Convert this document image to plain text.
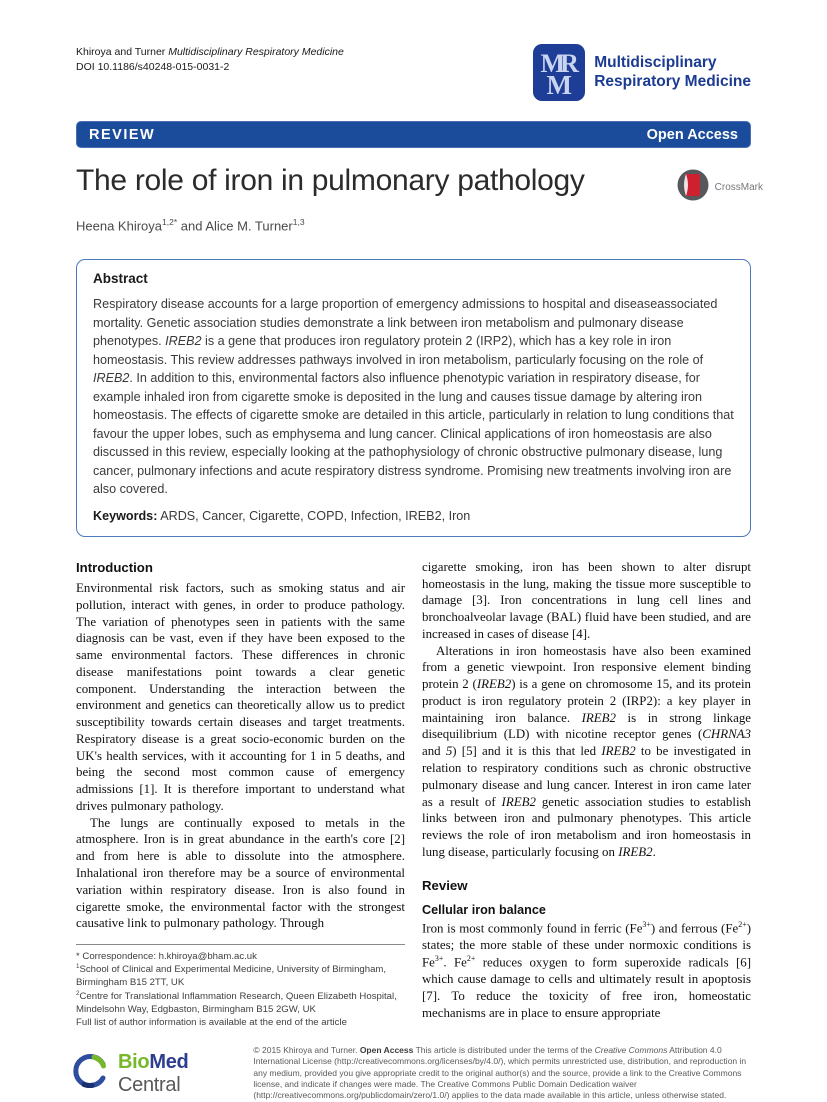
Khiroya and Turner Multidisciplinary Respiratory Medicine
DOI 10.1186/s40248-015-0031-2	MR
M
Multidisciplinary
Respiratory Medicine
REVIEW	Open Access
The role of iron in pulmonary pathology	CrossMark
Heena Khiroya$^{1,2*}$ and Alice M. Turner$^{1,3}$
Abstract

Respiratory disease accounts for a large proportion of emergency admissions to hospital and diseaseassociated mortality. Genetic association studies demonstrate a link between iron metabolism and pulmonary disease phenotypes. IREB2 is a gene that produces iron regulatory protein 2 (IRP2), which has a key role in iron homeostasis. This review addresses pathways involved in iron metabolism, particularly focusing on the role of IREB2. In addition to this, environmental factors also influence phenotypic variation in respiratory disease, for example inhaled iron from cigarette smoke is deposited in the lung and causes tissue damage by altering iron homeostasis. The effects of cigarette smoke are detailed in this article, particularly in relation to lung conditions that favour the upper lobes, such as emphysema and lung cancer. Clinical applications of iron homeostasis are also discussed in this review, especially looking at the pathophysiology of chronic obstructive pulmonary disease, lung cancer, pulmonary infections and acute respiratory distress syndrome. Promising new treatments involving iron are also covered.

Keywords: ARDS, Cancer, Cigarette, COPD, Infection, IREB2, Iron

Introduction

Environmental risk factors, such as smoking status and air pollution, interact with genes, in order to produce pathology. The variation of phenotypes seen in patients with the same diagnosis can be vast, even if they have been exposed to the same environmental factors. These differences in chronic disease manifestations point towards a clear genetic component. Understanding the interaction between the environment and genetics can theoretically allow us to predict susceptibility towards certain diseases and target treatments. Respiratory disease is a great socio-economic burden on the UK's health services, with it accounting for 1 in 5 deaths, and being the second most common cause of emergency admissions [1]. It is therefore important to understand what drives pulmonary pathology.

The lungs are continually exposed to metals in the atmosphere. Iron is in great abundance in the earth's core [2] and from here is able to dissolute into the atmosphere. Inhalational iron therefore may be a source of environmental variation within respiratory disease. Iron is also found in cigarette smoke, the environmental factor with the strongest causative link to pulmonary pathology. Through

* Correspondence: h.khiroya@bham.ac.uk
$^1$School of Clinical and Experimental Medicine, University of Birmingham, Birmingham B15 2TT, UK
$^2$Centre for Translational Inflammation Research, Queen Elizabeth Hospital, Mindelsohn Way, Edgbaston, Birmingham B15 2GW, UK
Full list of author information is available at the end of the article

cigarette smoking, iron has been shown to alter disrupt homeostasis in the lung, making the tissue more susceptible to damage [3]. Iron concentrations in lung cell lines and bronchoalveolar lavage (BAL) fluid have been studied, and are increased in cases of disease [4].

Alterations in iron homeostasis have also been examined from a genetic viewpoint. Iron responsive element binding protein 2 (IREB2) is a gene on chromosome 15, and its protein product is iron regulatory protein 2 (IRP2): a key player in maintaining iron balance. IREB2 is in strong linkage disequilibrium (LD) with nicotine receptor genes (CHRNA3 and 5) [5] and it is this that led IREB2 to be investigated in relation to respiratory conditions such as chronic obstructive pulmonary disease and lung cancer. Interest in iron came later as a result of IREB2 genetic association studies to establish links between iron and pulmonary phenotypes. This article reviews the role of iron metabolism and iron homeostasis in lung disease, particularly focusing on IREB2.

Review
Cellular iron balance

Iron is most commonly found in ferric $(Fe^{3+})$ and ferrous $(Fe^{2+})$ states; the more stable of these under normoxic conditions is $Fe^{3+}$. $Fe^{2+}$ reduces oxygen to form superoxide radicals [6] which cause damage to cells and ultimately result in apoptosis [7]. To reduce the toxicity of free iron, homeostatic mechanisms are in place to ensure appropriate

BioMed Central
© 2015 Khiroya and Turner. Open Access This article is distributed under the terms of the Creative Commons Attribution 4.0 International License (http://creativecommons.org/licenses/by/4.0/), which permits unrestricted use, distribution, and reproduction in any medium, provided you give appropriate credit to the original author(s) and the source, provide a link to the Creative Commons license, and indicate if changes were made. The Creative Commons Public Domain Dedication waiver (http://creativecommons.org/publicdomain/zero/1.0/) applies to the data made available in this article, unless otherwise stated.
